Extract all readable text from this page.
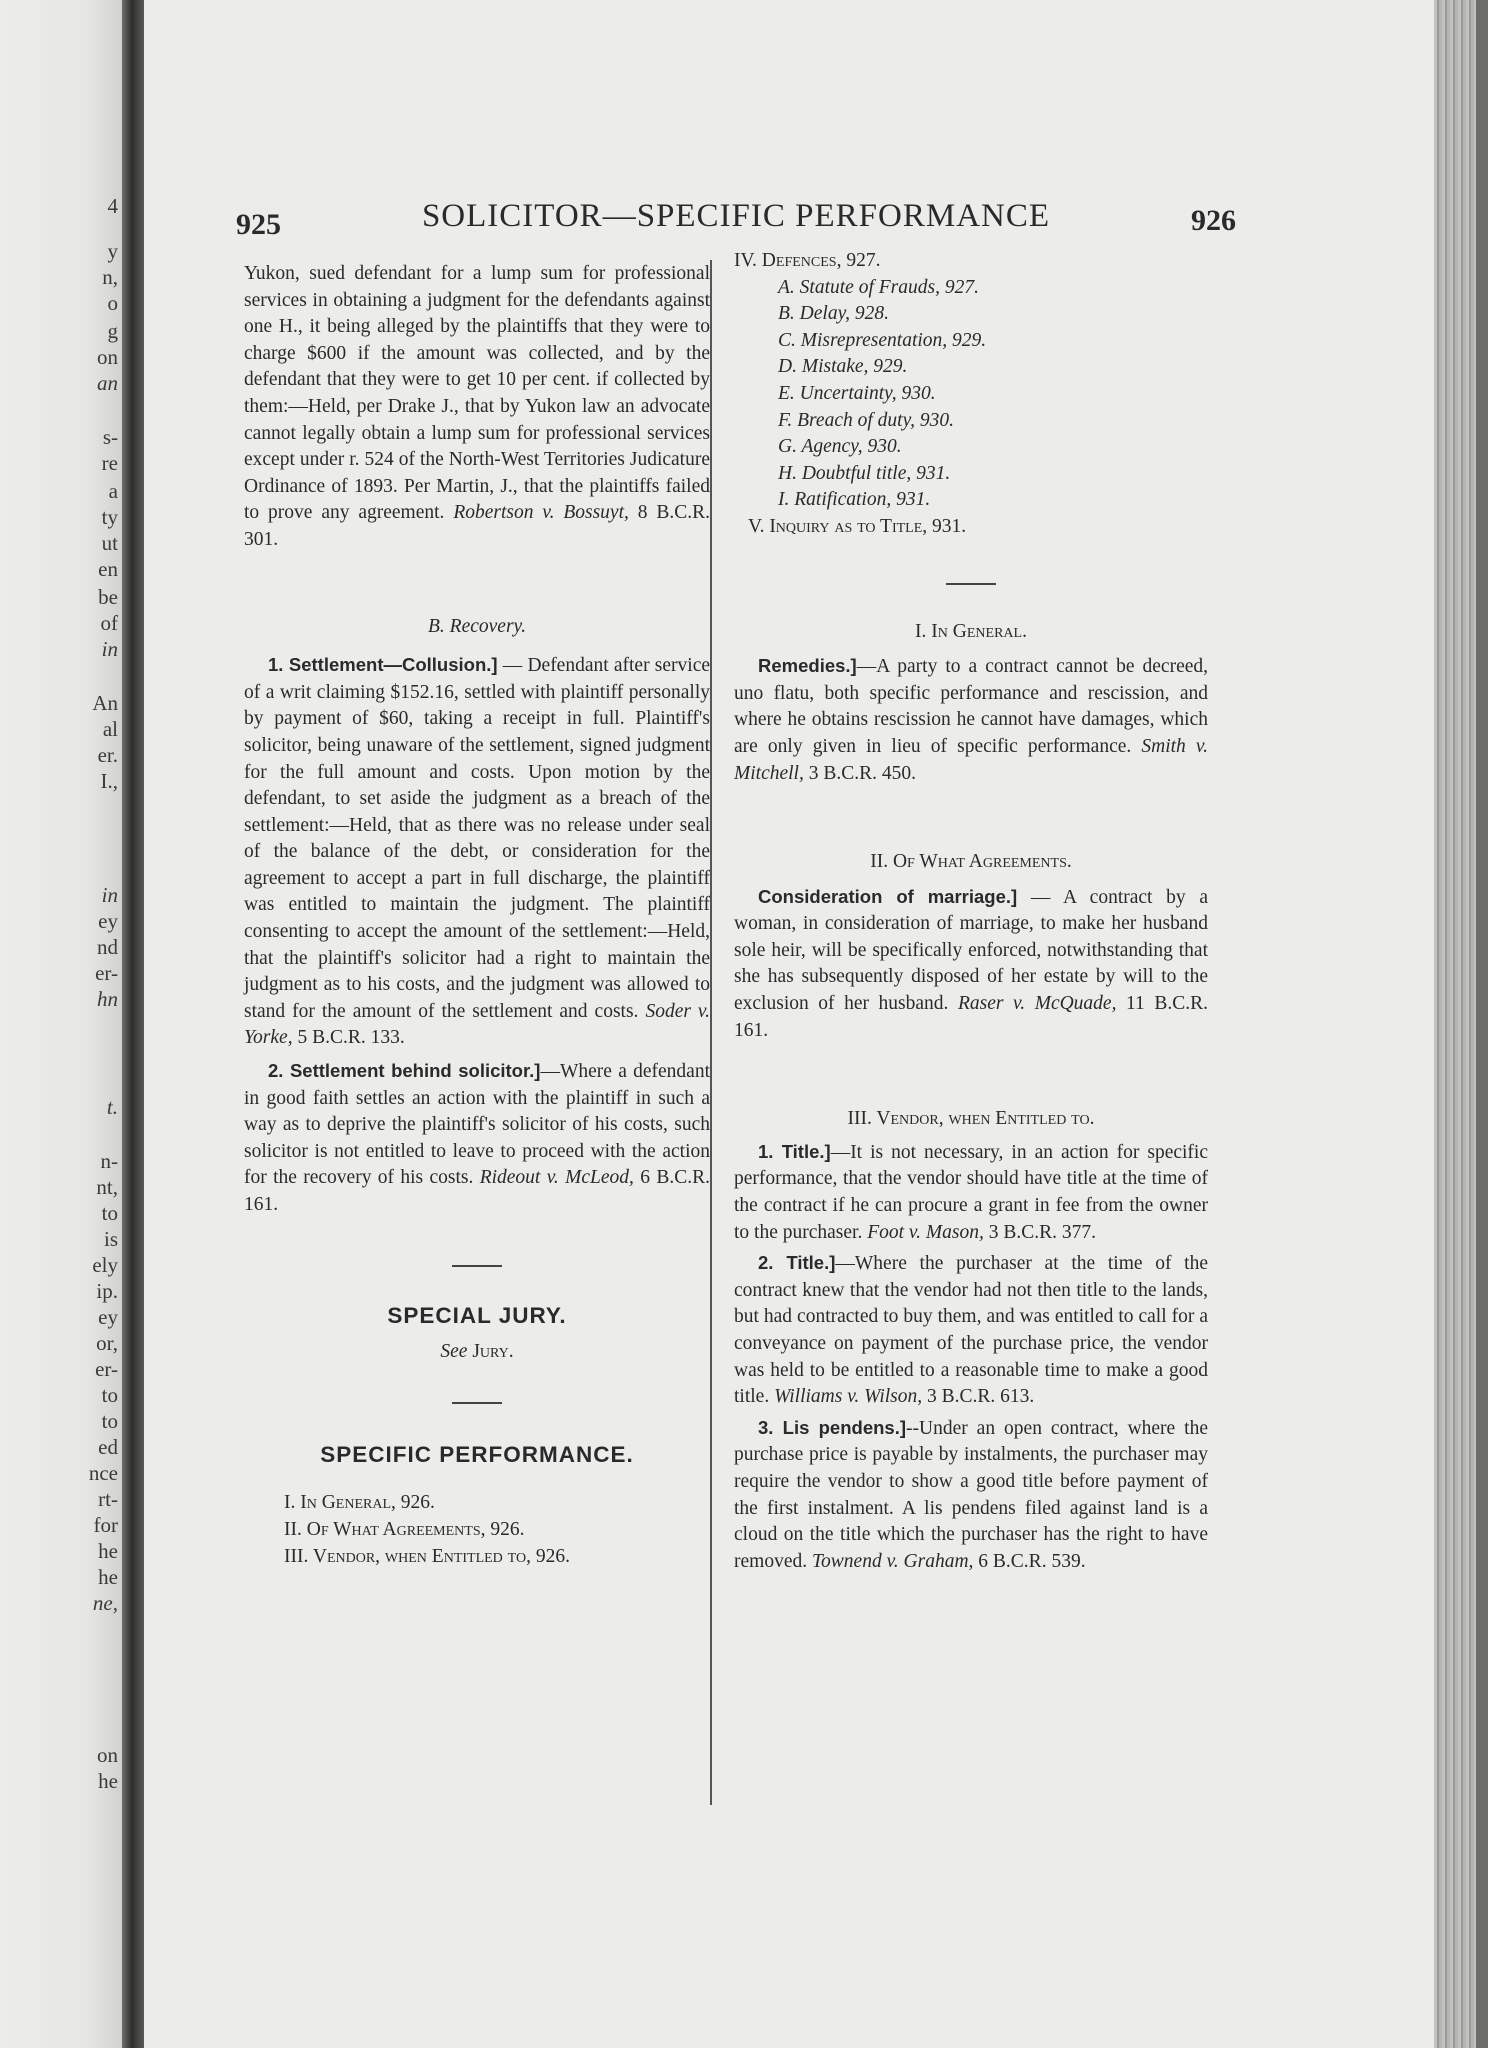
4
y
n,
o
g
on
an
s-
re
a
ty
ut
en
be
of
in
An
al
er.
I.,
in
ey
nd
er-
hn
t.
n-
nt,
to
is
ely
ip.
ey
or,
er-
to
to
ed
nce
rt-
for
he
he
ne,
on
he
925	SOLICITOR—SPECIFIC PERFORMANCE	926

Yukon, sued defendant for a lump sum for professional services in obtaining a judgment for the defendants against one H., it being alleged by the plaintiffs that they were to charge $600 if the amount was collected, and by the defendant that they were to get 10 per cent. if collected by them:—Held, per Drake J., that by Yukon law an advocate cannot legally obtain a lump sum for professional services except under r. 524 of the North-West Territories Judicature Ordinance of 1893. Per Martin, J., that the plaintiffs failed to prove any agreement. Robertson v. Bossuyt, 8 B.C.R. 301.

B. Recovery.

1. Settlement—Collusion.] — Defendant after service of a writ claiming $152.16, settled with plaintiff personally by payment of $60, taking a receipt in full. Plaintiff's solicitor, being unaware of the settlement, signed judgment for the full amount and costs. Upon motion by the defendant, to set aside the judgment as a breach of the settlement:—Held, that as there was no release under seal of the balance of the debt, or consideration for the agreement to accept a part in full discharge, the plaintiff was entitled to maintain the judgment. The plaintiff consenting to accept the amount of the settlement:—Held, that the plaintiff's solicitor had a right to maintain the judgment as to his costs, and the judgment was allowed to stand for the amount of the settlement and costs. Soder v. Yorke, 5 B.C.R. 133.

2. Settlement behind solicitor.]—Where a defendant in good faith settles an action with the plaintiff in such a way as to deprive the plaintiff's solicitor of his costs, such solicitor is not entitled to leave to proceed with the action for the recovery of his costs. Rideout v. McLeod, 6 B.C.R. 161.

SPECIAL JURY.

See Jury.

SPECIFIC PERFORMANCE.

I. In General, 926.
II. Of What Agreements, 926.
III. Vendor, when Entitled to, 926.
IV. Defences, 927.
A. Statute of Frauds, 927.
B. Delay, 928.
C. Misrepresentation, 929.
D. Mistake, 929.
E. Uncertainty, 930.
F. Breach of duty, 930.
G. Agency, 930.
H. Doubtful title, 931.
I. Ratification, 931.
V. Inquiry as to Title, 931.

I. In General.

Remedies.]—A party to a contract cannot be decreed, uno flatu, both specific performance and rescission, and where he obtains rescission he cannot have damages, which are only given in lieu of specific performance. Smith v. Mitchell, 3 B.C.R. 450.

II. Of What Agreements.

Consideration of marriage.] — A contract by a woman, in consideration of marriage, to make her husband sole heir, will be specifically enforced, notwithstanding that she has subsequently disposed of her estate by will to the exclusion of her husband. Raser v. McQuade, 11 B.C.R. 161.

III. Vendor, when Entitled to.

1. Title.]—It is not necessary, in an action for specific performance, that the vendor should have title at the time of the contract if he can procure a grant in fee from the owner to the purchaser. Foot v. Mason, 3 B.C.R. 377.

2. Title.]—Where the purchaser at the time of the contract knew that the vendor had not then title to the lands, but had contracted to buy them, and was entitled to call for a conveyance on payment of the purchase price, the vendor was held to be entitled to a reasonable time to make a good title. Williams v. Wilson, 3 B.C.R. 613.

3. Lis pendens.]--Under an open contract, where the purchase price is payable by instalments, the purchaser may require the vendor to show a good title before payment of the first instalment. A lis pendens filed against land is a cloud on the title which the purchaser has the right to have removed. Townend v. Graham, 6 B.C.R. 539.
